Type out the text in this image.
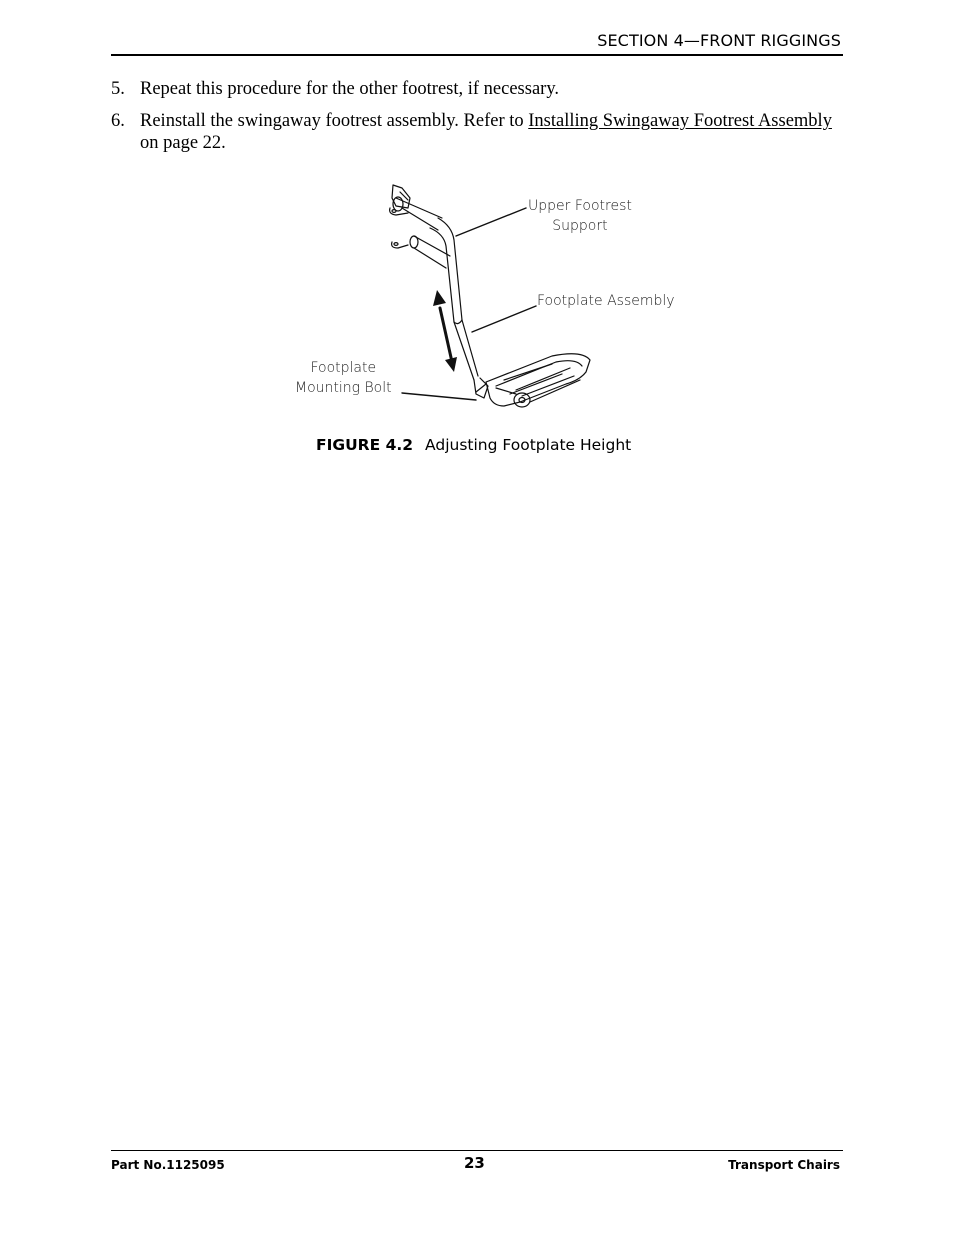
SECTION 4—FRONT RIGGINGS
5. Repeat this procedure for the other footrest, if necessary.
6. Reinstall the swingaway footrest assembly. Refer to Installing Swingaway Footrest Assembly on page 22.
Upper Footrest
Support
Footplate Assembly
Footplate
Mounting Bolt
FIGURE 4.2 Adjusting Footplate Height
Part No.1125095	23	Transport Chairs
